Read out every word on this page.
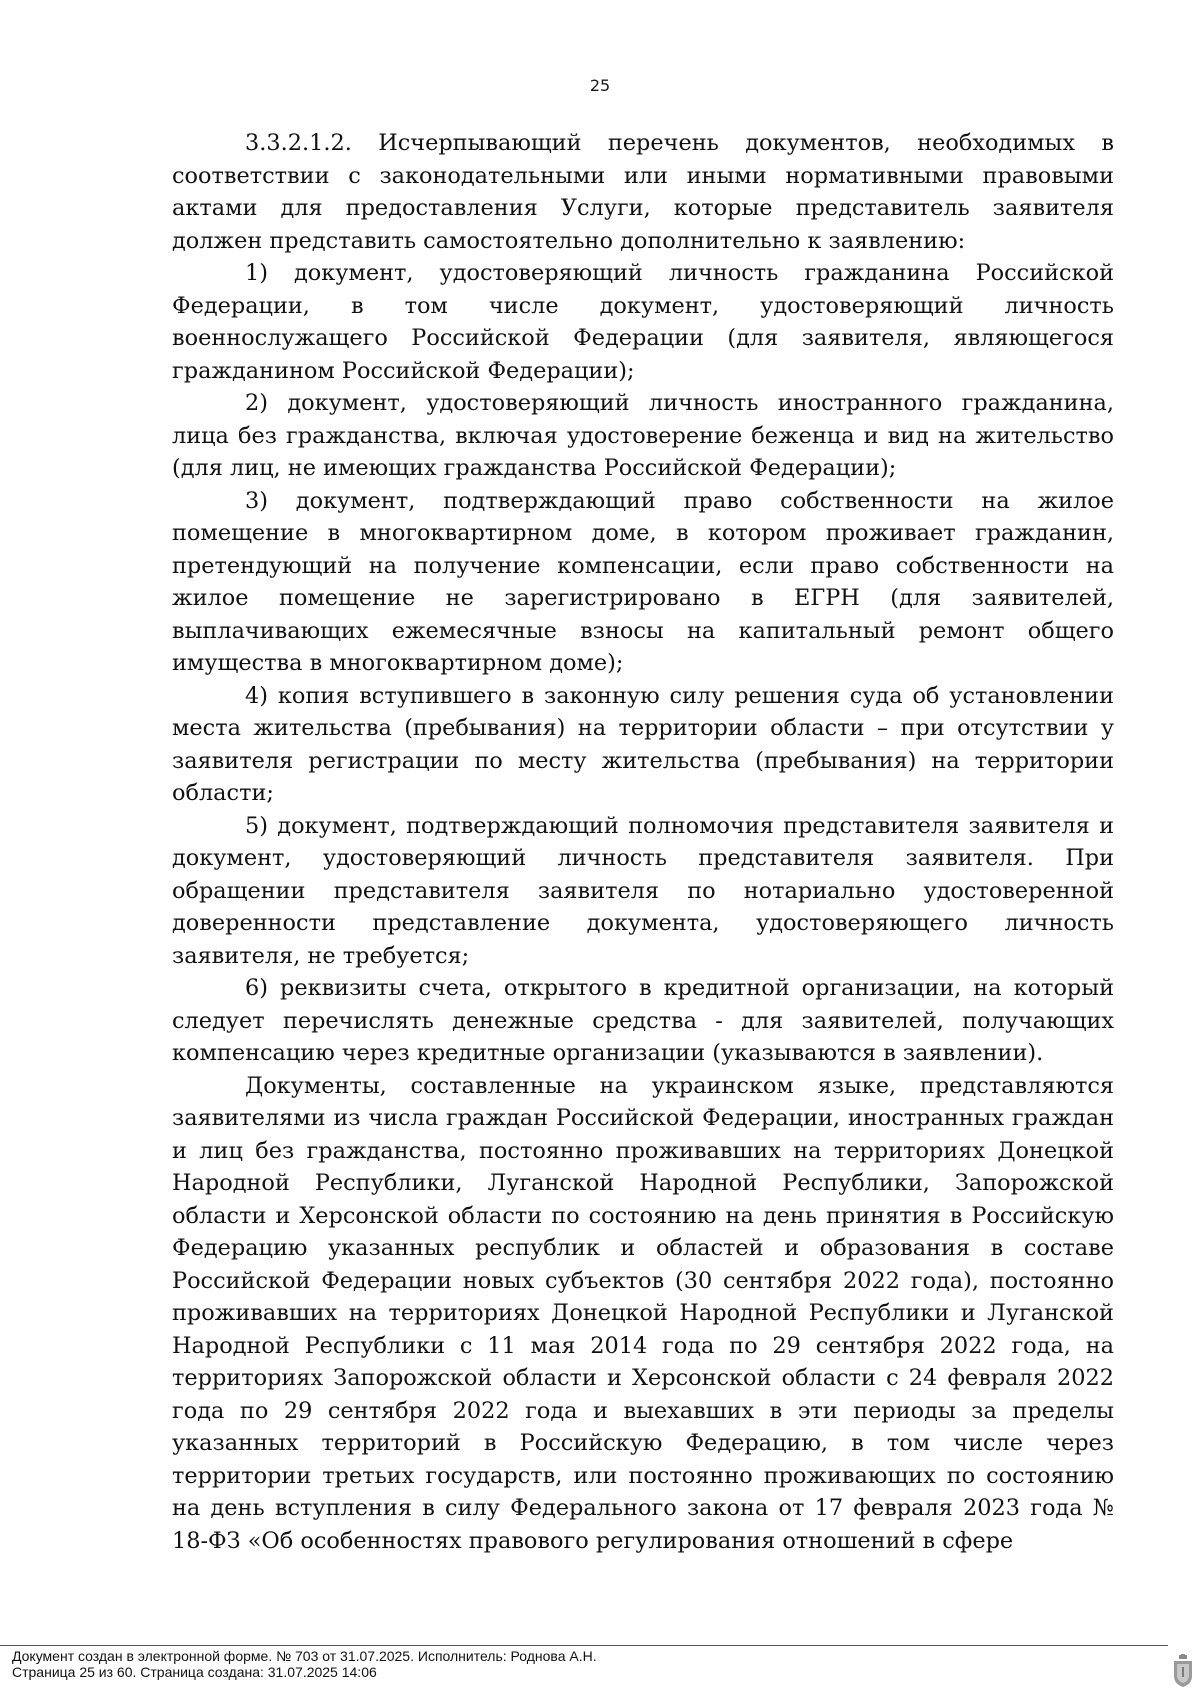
25

3.3.2.1.2. Исчерпывающий перечень документов, необходимых в соответствии с законодательными или иными нормативными правовыми актами для предоставления Услуги, которые представитель заявителя должен представить самостоятельно дополнительно к заявлению:

1) документ, удостоверяющий личность гражданина Российской Федерации, в том числе документ, удостоверяющий личность военнослужащего Российской Федерации (для заявителя, являющегося гражданином Российской Федерации);

2) документ, удостоверяющий личность иностранного гражданина, лица без гражданства, включая удостоверение беженца и вид на жительство (для лиц, не имеющих гражданства Российской Федерации);

3) документ, подтверждающий право собственности на жилое помещение в многоквартирном доме, в котором проживает гражданин, претендующий на получение компенсации, если право собственности на жилое помещение не зарегистрировано в ЕГРН (для заявителей, выплачивающих ежемесячные взносы на капитальный ремонт общего имущества в многоквартирном доме);

4) копия вступившего в законную силу решения суда об установлении места жительства (пребывания) на территории области – при отсутствии у заявителя регистрации по месту жительства (пребывания) на территории области;

5) документ, подтверждающий полномочия представителя заявителя и документ, удостоверяющий личность представителя заявителя. При обращении представителя заявителя по нотариально удостоверенной доверенности представление документа, удостоверяющего личность заявителя, не требуется;

6) реквизиты счета, открытого в кредитной организации, на который следует перечислять денежные средства - для заявителей, получающих компенсацию через кредитные организации (указываются в заявлении).

Документы, составленные на украинском языке, представляются заявителями из числа граждан Российской Федерации, иностранных граждан и лиц без гражданства, постоянно проживавших на территориях Донецкой Народной Республики, Луганской Народной Республики, Запорожской области и Херсонской области по состоянию на день принятия в Российскую Федерацию указанных республик и областей и образования в составе Российской Федерации новых субъектов (30 сентября 2022 года), постоянно проживавших на территориях Донецкой Народной Республики и Луганской Народной Республики с 11 мая 2014 года по 29 сентября 2022 года, на территориях Запорожской области и Херсонской области с 24 февраля 2022 года по 29 сентября 2022 года и выехавших в эти периоды за пределы указанных территорий в Российскую Федерацию, в том числе через территории третьих государств, или постоянно проживающих по состоянию на день вступления в силу Федерального закона от 17 февраля 2023 года № 18-ФЗ «Об особенностях правового регулирования отношений в сфере

Документ создан в электронной форме. № 703 от 31.07.2025. Исполнитель: Роднова А.Н.
Страница 25 из 60. Страница создана: 31.07.2025 14:06
